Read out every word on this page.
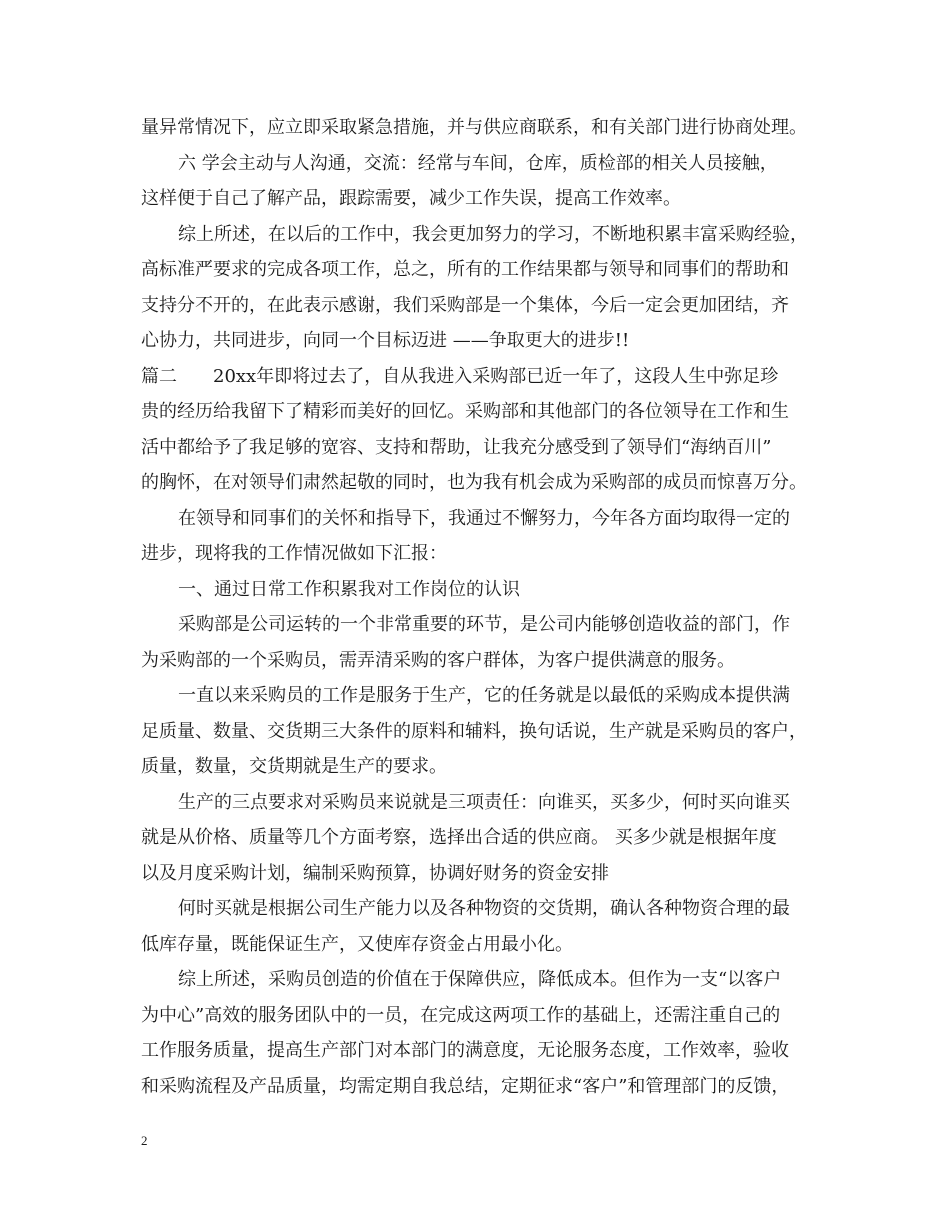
量异常情况下，应立即采取紧急措施，并与供应商联系，和有关部门进行协商处理。
六 学会主动与人沟通，交流：经常与车间，仓库，质检部的相关人员接触，
这样便于自己了解产品，跟踪需要，减少工作失误，提高工作效率。
综上所述，在以后的工作中，我会更加努力的学习，不断地积累丰富采购经验，
高标准严要求的完成各项工作，总之，所有的工作结果都与领导和同事们的帮助和
支持分不开的，在此表示感谢，我们采购部是一个集体，今后一定会更加团结，齐
心协力，共同进步，向同一个目标迈进 ——争取更大的进步!!
篇二　　20xx年即将过去了，自从我进入采购部已近一年了，这段人生中弥足珍
贵的经历给我留下了精彩而美好的回忆。采购部和其他部门的各位领导在工作和生
活中都给予了我足够的宽容、支持和帮助，让我充分感受到了领导们“海纳百川”
的胸怀，在对领导们肃然起敬的同时，也为我有机会成为采购部的成员而惊喜万分。
在领导和同事们的关怀和指导下，我通过不懈努力，今年各方面均取得一定的
进步，现将我的工作情况做如下汇报：
一、通过日常工作积累我对工作岗位的认识
采购部是公司运转的一个非常重要的环节，是公司内能够创造收益的部门，作
为采购部的一个采购员，需弄清采购的客户群体，为客户提供满意的服务。
一直以来采购员的工作是服务于生产，它的任务就是以最低的采购成本提供满
足质量、数量、交货期三大条件的原料和辅料，换句话说，生产就是采购员的客户，
质量，数量，交货期就是生产的要求。
生产的三点要求对采购员来说就是三项责任：向谁买，买多少，何时买向谁买
就是从价格、质量等几个方面考察，选择出合适的供应商。 买多少就是根据年度
以及月度采购计划，编制采购预算，协调好财务的资金安排
何时买就是根据公司生产能力以及各种物资的交货期，确认各种物资合理的最
低库存量，既能保证生产，又使库存资金占用最小化。
综上所述，采购员创造的价值在于保障供应，降低成本。但作为一支“以客户
为中心”高效的服务团队中的一员，在完成这两项工作的基础上，还需注重自己的
工作服务质量，提高生产部门对本部门的满意度，无论服务态度，工作效率，验收
和采购流程及产品质量，均需定期自我总结，定期征求“客户”和管理部门的反馈，
2
